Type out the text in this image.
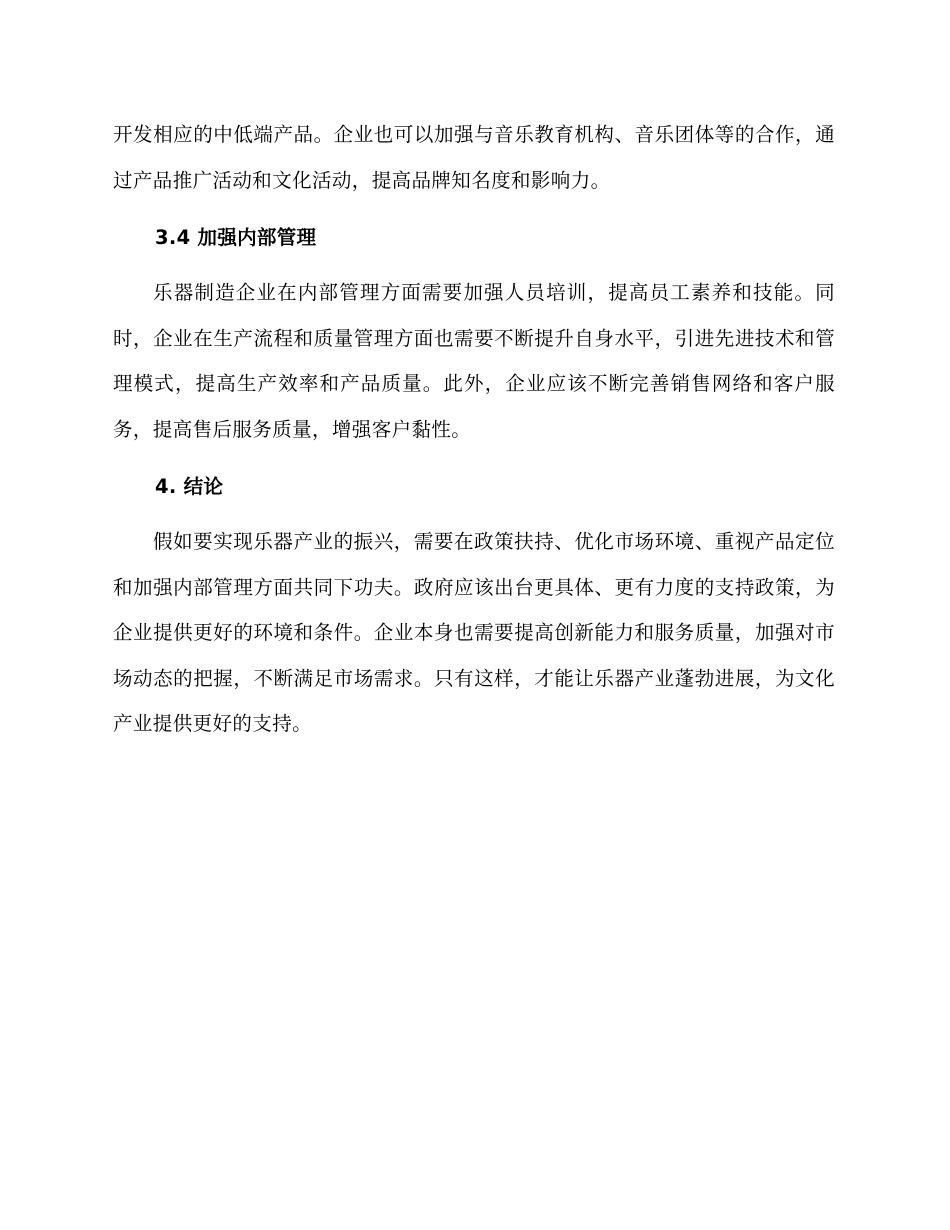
开发相应的中低端产品。企业也可以加强与音乐教育机构、音乐团体等的合作，通过产品推广活动和文化活动，提高品牌知名度和影响力。

3.4 加强内部管理

乐器制造企业在内部管理方面需要加强人员培训，提高员工素养和技能。同时，企业在生产流程和质量管理方面也需要不断提升自身水平，引进先进技术和管理模式，提高生产效率和产品质量。此外，企业应该不断完善销售网络和客户服务，提高售后服务质量，增强客户黏性。

4. 结论

假如要实现乐器产业的振兴，需要在政策扶持、优化市场环境、重视产品定位和加强内部管理方面共同下功夫。政府应该出台更具体、更有力度的支持政策，为企业提供更好的环境和条件。企业本身也需要提高创新能力和服务质量，加强对市场动态的把握，不断满足市场需求。只有这样，才能让乐器产业蓬勃进展，为文化产业提供更好的支持。
